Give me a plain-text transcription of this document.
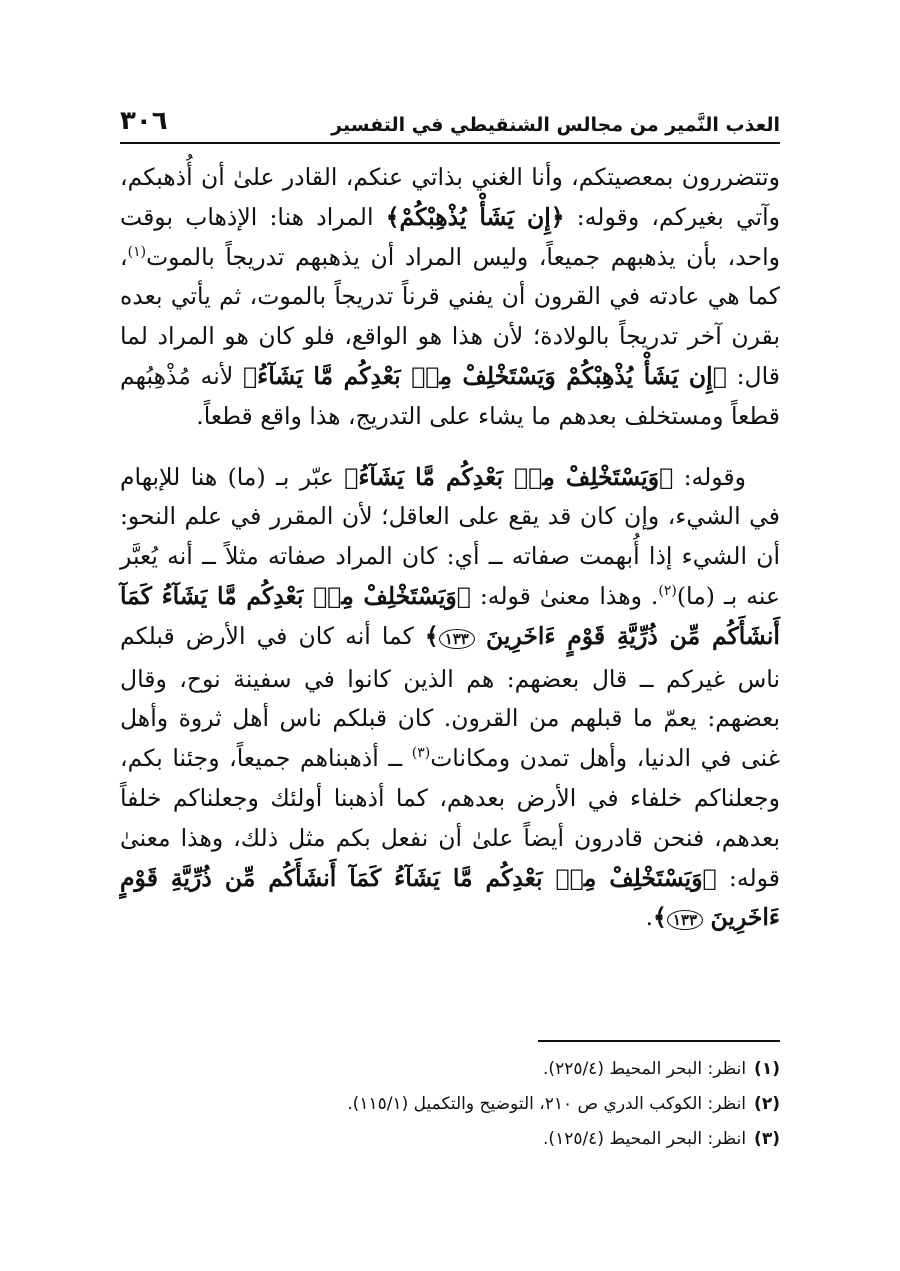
العذب النَّمير من مجالس الشنقيطي في التفسير
٣٠٦

وتتضررون بمعصيتكم، وأنا الغني بذاتي عنكم، القادر علىٰ أن أُذهبكم، وآتي بغيركم، وقوله: ﴿إِن يَشَأْ يُذْهِبْكُمْ﴾ المراد هنا: الإذهاب بوقت واحد، بأن يذهبهم جميعاً، وليس المراد أن يذهبهم تدريجاً بالموت$^{(١)}$، كما هي عادته في القرون أن يفني قرناً تدريجاً بالموت، ثم يأتي بعده بقرن آخر تدريجاً بالولادة؛ لأن هذا هو الواقع، فلو كان هو المراد لما قال: ﴿إِن يَشَأْ يُذْهِبْكُمْ وَيَسْتَخْلِفْ مِنۢ بَعْدِكُم مَّا يَشَآءُ﴾ لأنه مُذْهِبُهم قطعاً ومستخلف بعدهم ما يشاء على التدريج، هذا واقع قطعاً.

وقوله: ﴿وَيَسْتَخْلِفْ مِنۢ بَعْدِكُم مَّا يَشَآءُ﴾ عبّر بـ (ما) هنا للإبهام في الشيء، وإن كان قد يقع على العاقل؛ لأن المقرر في علم النحو: أن الشيء إذا أُبهمت صفاته ــ أي: كان المراد صفاته مثلاً ــ أنه يُعبَّر عنه بـ (ما)$^{(٢)}$. وهذا معنىٰ قوله: ﴿وَيَسْتَخْلِفْ مِنۢ بَعْدِكُم مَّا يَشَآءُ كَمَآ أَنشَأَكُم مِّن ذُرِّيَّةِ قَوْمٍ ءَاخَرِينَ ١٣٣﴾ كما أنه كان في الأرض قبلكم ناس غيركم ــ قال بعضهم: هم الذين كانوا في سفينة نوح، وقال بعضهم: يعمّ ما قبلهم من القرون. كان قبلكم ناس أهل ثروة وأهل غنى في الدنيا، وأهل تمدن ومكانات$^{(٣)}$ ــ أذهبناهم جميعاً، وجئنا بكم، وجعلناكم خلفاء في الأرض بعدهم، كما أذهبنا أولئك وجعلناكم خلفاً بعدهم، فنحن قادرون أيضاً علىٰ أن نفعل بكم مثل ذلك، وهذا معنىٰ قوله: ﴿وَيَسْتَخْلِفْ مِنۢ بَعْدِكُم مَّا يَشَآءُ كَمَآ أَنشَأَكُم مِّن ذُرِّيَّةِ قَوْمٍ ءَاخَرِينَ ١٣٣﴾.

(١)
انظر: البحر المحيط (٢٢٥/٤).
(٢)
انظر: الكوكب الدري ص ٢١٠، التوضيح والتكميل (١١٥/١).
(٣)
انظر: البحر المحيط (١٢٥/٤).
